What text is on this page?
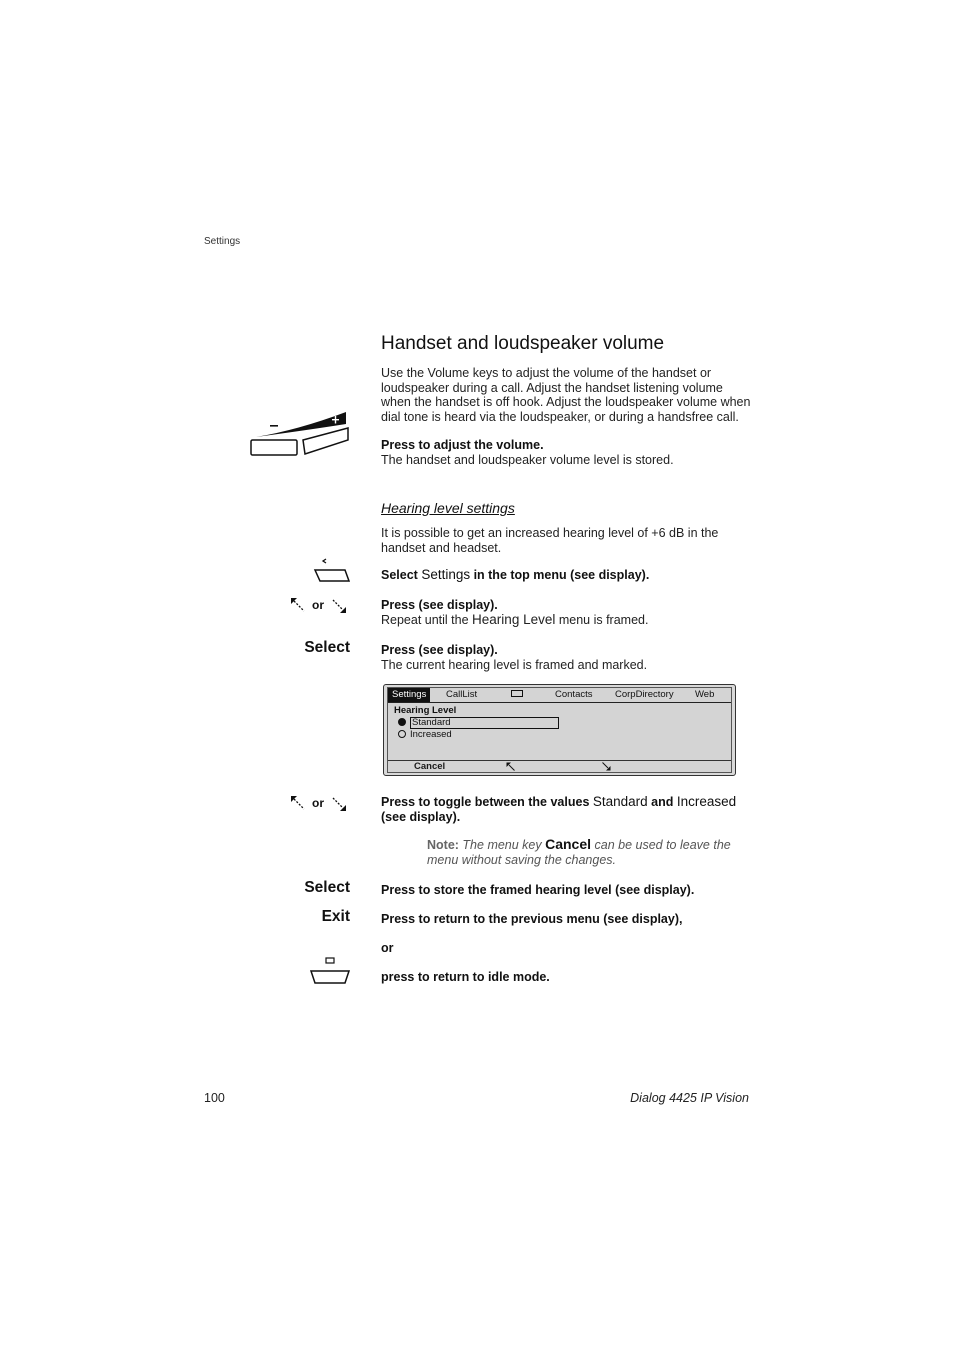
Settings
Handset and loudspeaker volume
Use the Volume keys to adjust the volume of the handset or loudspeaker during a call. Adjust the handset listening volume when the handset is off hook. Adjust the loudspeaker volume when dial tone is heard via the loudspeaker, or during a handsfree call.
Press to adjust the volume.
The handset and loudspeaker volume level is stored.
Hearing level settings
It is possible to get an increased hearing level of +6 dB in the handset and headset.
Select Settings in the top menu (see display).
or	Press (see display).
Repeat until the Hearing Level menu is framed.
Select Press (see display).
The current hearing level is framed and marked.
Settings	CallList	Contacts CorpDirectory Web
Hearing Level
Standard
Increased
Cancel
or	Press to toggle between the values Standard and Increased (see display).
Note: The menu key Cancel can be used to leave the menu without saving the changes.
Select Press to store the framed hearing level (see display).
Exit Press to return to the previous menu (see display),
or
press to return to idle mode.
100	Dialog 4425 IP Vision
